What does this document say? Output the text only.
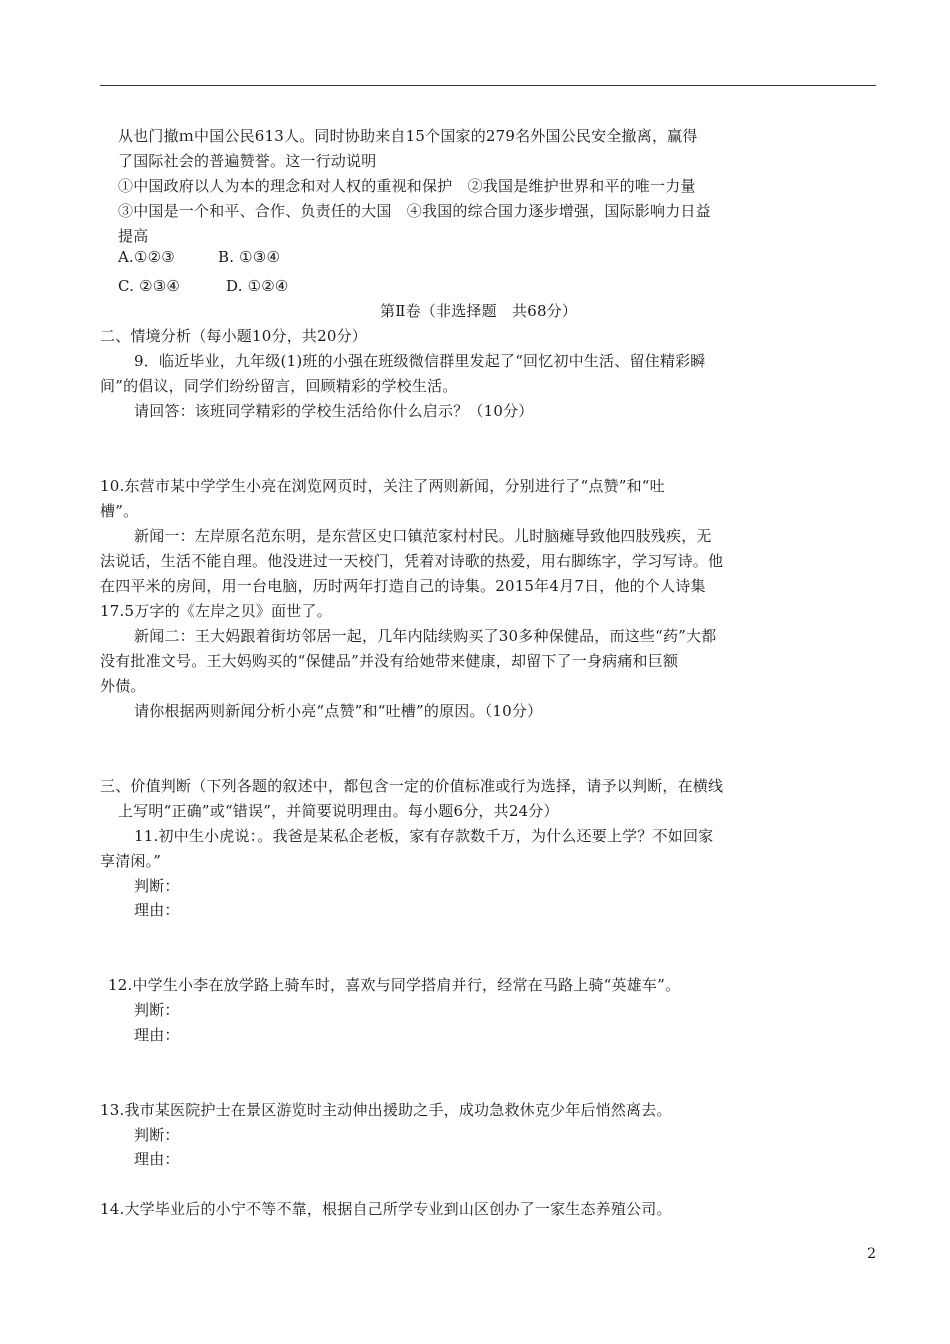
从也门撤ｍ中国公民613人。同时协助来自15个国家的279名外国公民安全撤离，赢得
了国际社会的普遍赞誉。这一行动说明
①中国政府以人为本的理念和对人权的重视和保护　②我国是维护世界和平的唯一力量
③中国是一个和平、合作、负责任的大国　④我国的综合国力逐步增强，国际影响力日益
提高
A.①②③	B. ①③④
C. ②③④	D. ①②④
第Ⅱ卷（非选择题　共68分）
二、情境分析（每小题10分，共20分）
9．临近毕业，九年级(1)班的小强在班级微信群里发起了“回忆初中生活、留住精彩瞬
间”的倡议，同学们纷纷留言，回顾精彩的学校生活。
请回答：该班同学精彩的学校生活给你什么启示？（10分）
10.东营市某中学学生小亮在浏览网页时，关注了两则新闻，分别进行了“点赞”和“吐
槽”。
新闻一：左岸原名范东明，是东营区史口镇范家村村民。儿时脑瘫导致他四肢残疾，无
法说话，生活不能自理。他没进过一天校门，凭着对诗歌的热爱，用右脚练字，学习写诗。他
在四平米的房间，用一台电脑，历时两年打造自己的诗集。2015年4月7日，他的个人诗集
17.5万字的《左岸之贝》面世了。
新闻二：王大妈跟着街坊邻居一起，几年内陆续购买了30多种保健品，而这些“药”大都
没有批准文号。王大妈购买的“保健品”并没有给她带来健康，却留下了一身病痛和巨额
外债。
请你根据两则新闻分析小亮“点赞”和“吐槽”的原因。（10分）
三、价值判断（下列各题的叙述中，都包含一定的价值标准或行为选择，请予以判断，在横线
上写明“正确”或“错误”，并简要说明理由。每小题6分，共24分）
11.初中生小虎说：。我爸是某私企老板，家有存款数千万，为什么还要上学？不如回家
享清闲。”
判断：
理由：
12.中学生小李在放学路上骑车时，喜欢与同学搭肩并行，经常在马路上骑“英雄车”。
判断：
理由：
13.我市某医院护士在景区游览时主动伸出援助之手，成功急救休克少年后悄然离去。
判断：
理由：
14.大学毕业后的小宁不等不靠，根据自己所学专业到山区创办了一家生态养殖公司。
2
